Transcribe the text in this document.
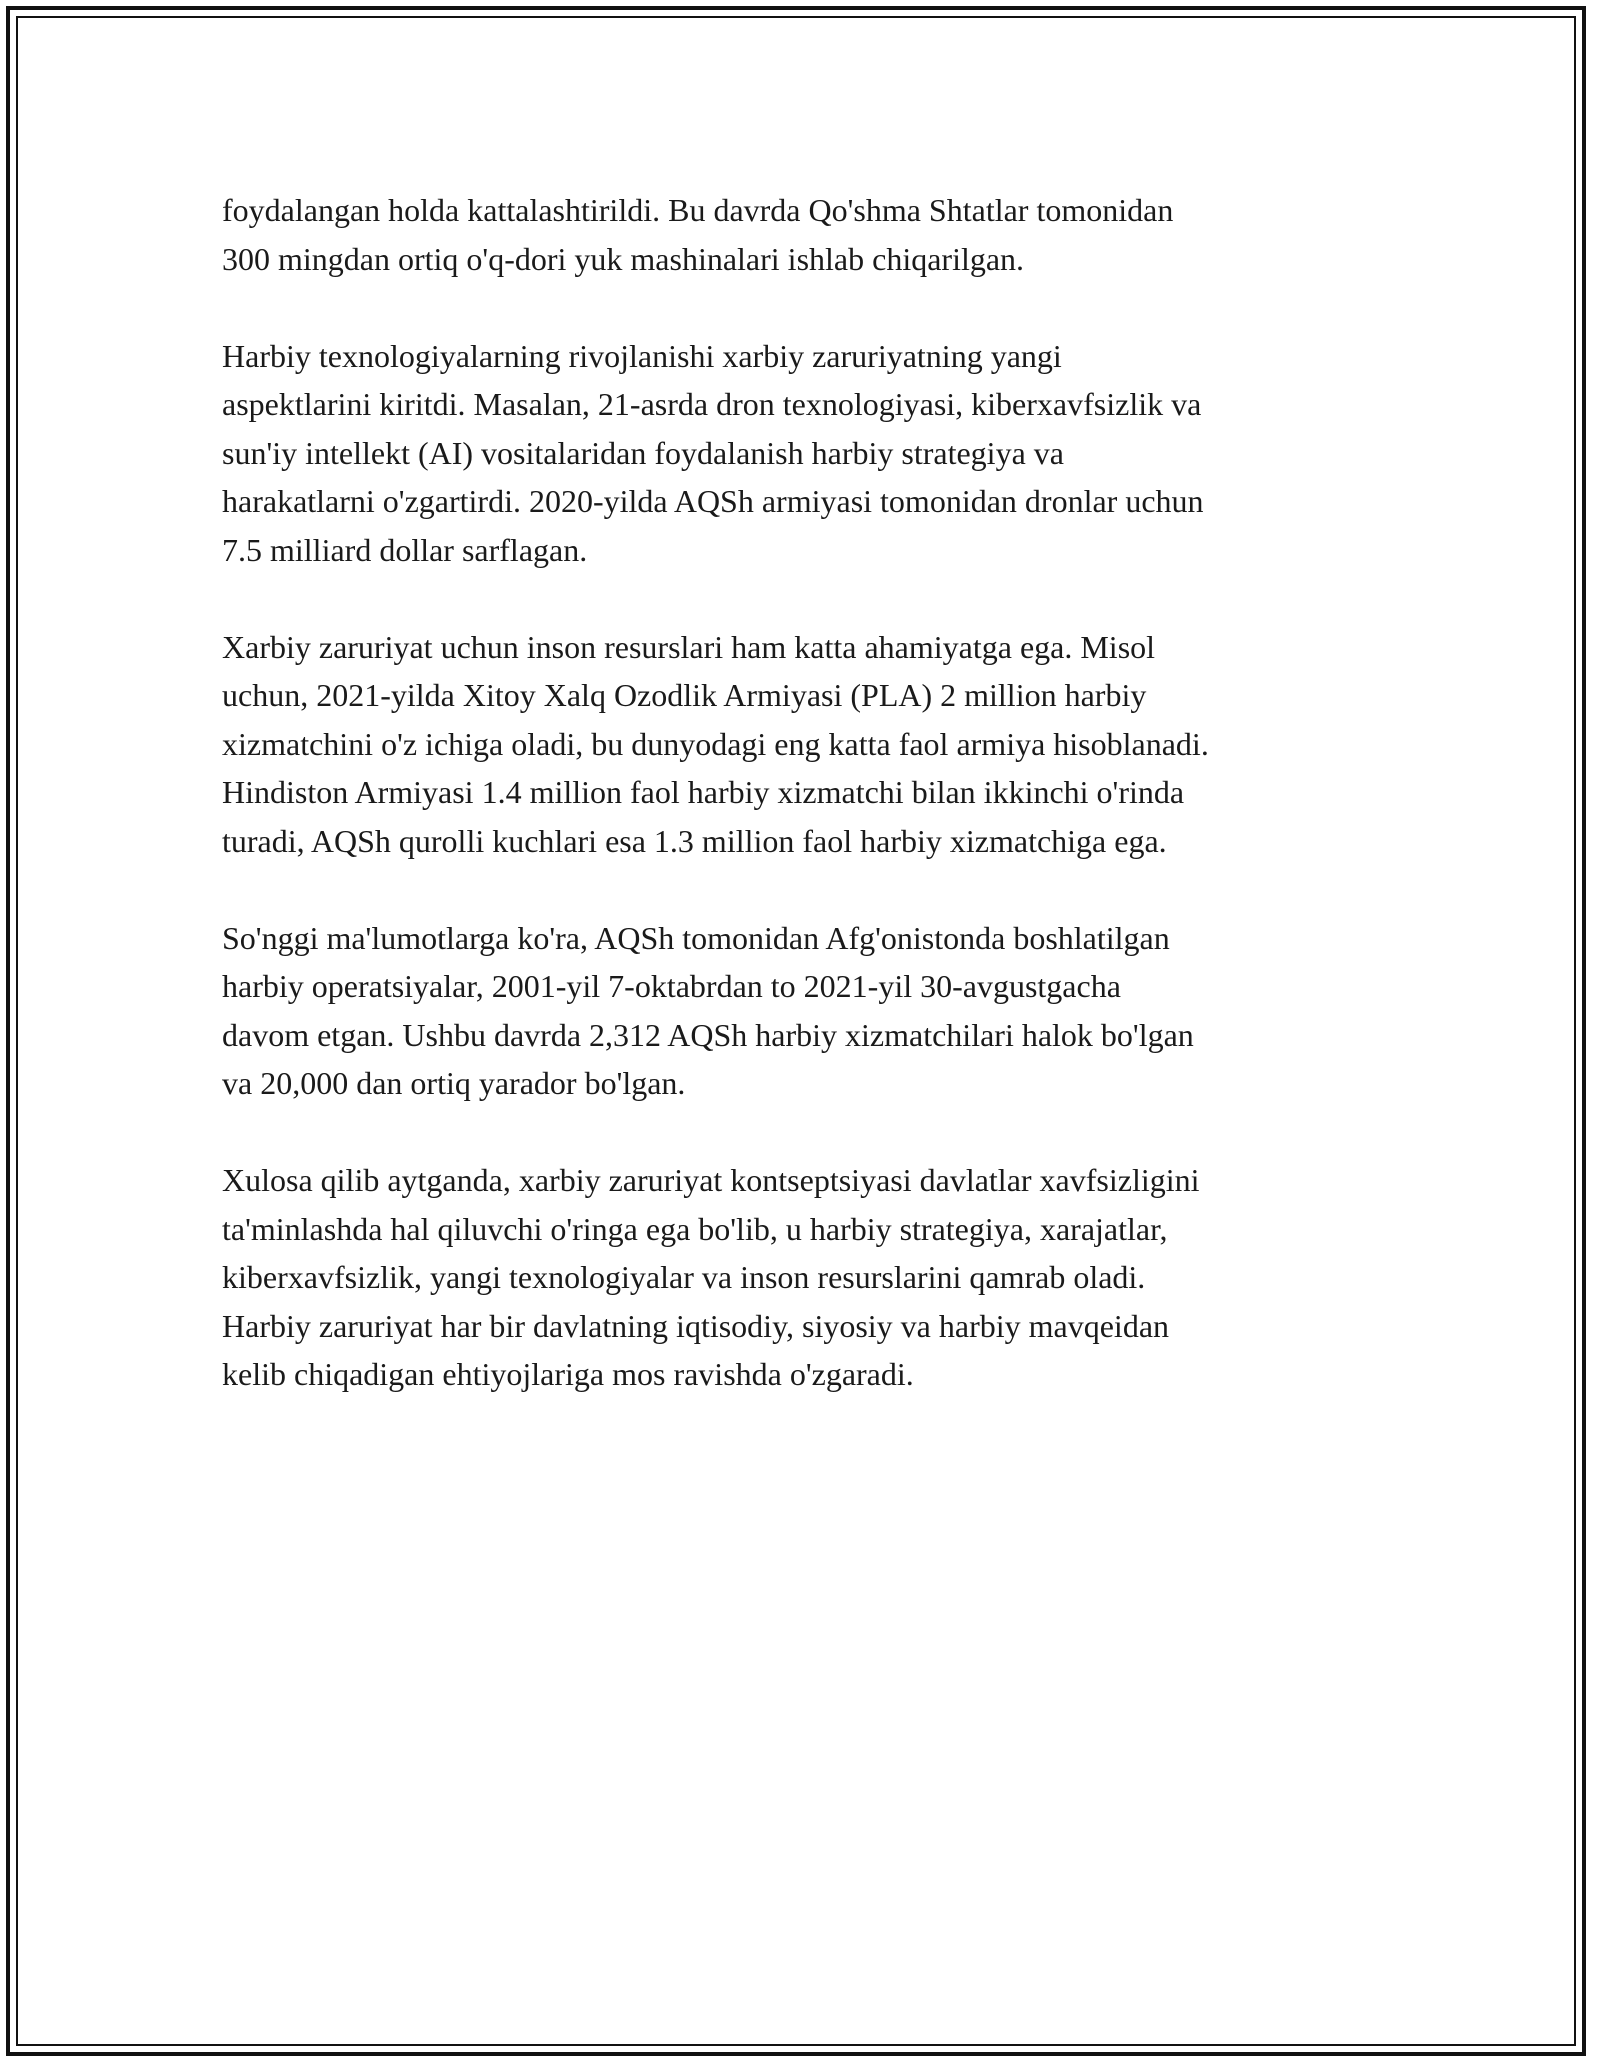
foydalangan holda kattalashtirildi. Bu davrda Qo'shma Shtatlar tomonidan
300 mingdan ortiq o'q-dori yuk mashinalari ishlab chiqarilgan.

Harbiy texnologiyalarning rivojlanishi xarbiy zaruriyatning yangi
aspektlarini kiritdi. Masalan, 21-asrda dron texnologiyasi, kiberxavfsizlik va
sun'iy intellekt (AI) vositalaridan foydalanish harbiy strategiya va
harakatlarni o'zgartirdi. 2020-yilda AQSh armiyasi tomonidan dronlar uchun
7.5 milliard dollar sarflagan.

Xarbiy zaruriyat uchun inson resurslari ham katta ahamiyatga ega. Misol
uchun, 2021-yilda Xitoy Xalq Ozodlik Armiyasi (PLA) 2 million harbiy
xizmatchini o'z ichiga oladi, bu dunyodagi eng katta faol armiya hisoblanadi.
Hindiston Armiyasi 1.4 million faol harbiy xizmatchi bilan ikkinchi o'rinda
turadi, AQSh qurolli kuchlari esa 1.3 million faol harbiy xizmatchiga ega.

So'nggi ma'lumotlarga ko'ra, AQSh tomonidan Afg'onistonda boshlatilgan
harbiy operatsiyalar, 2001-yil 7-oktabrdan to 2021-yil 30-avgustgacha
davom etgan. Ushbu davrda 2,312 AQSh harbiy xizmatchilari halok bo'lgan
va 20,000 dan ortiq yarador bo'lgan.

Xulosa qilib aytganda, xarbiy zaruriyat kontseptsiyasi davlatlar xavfsizligini
ta'minlashda hal qiluvchi o'ringa ega bo'lib, u harbiy strategiya, xarajatlar,
kiberxavfsizlik, yangi texnologiyalar va inson resurslarini qamrab oladi.
Harbiy zaruriyat har bir davlatning iqtisodiy, siyosiy va harbiy mavqeidan
kelib chiqadigan ehtiyojlariga mos ravishda o'zgaradi.
